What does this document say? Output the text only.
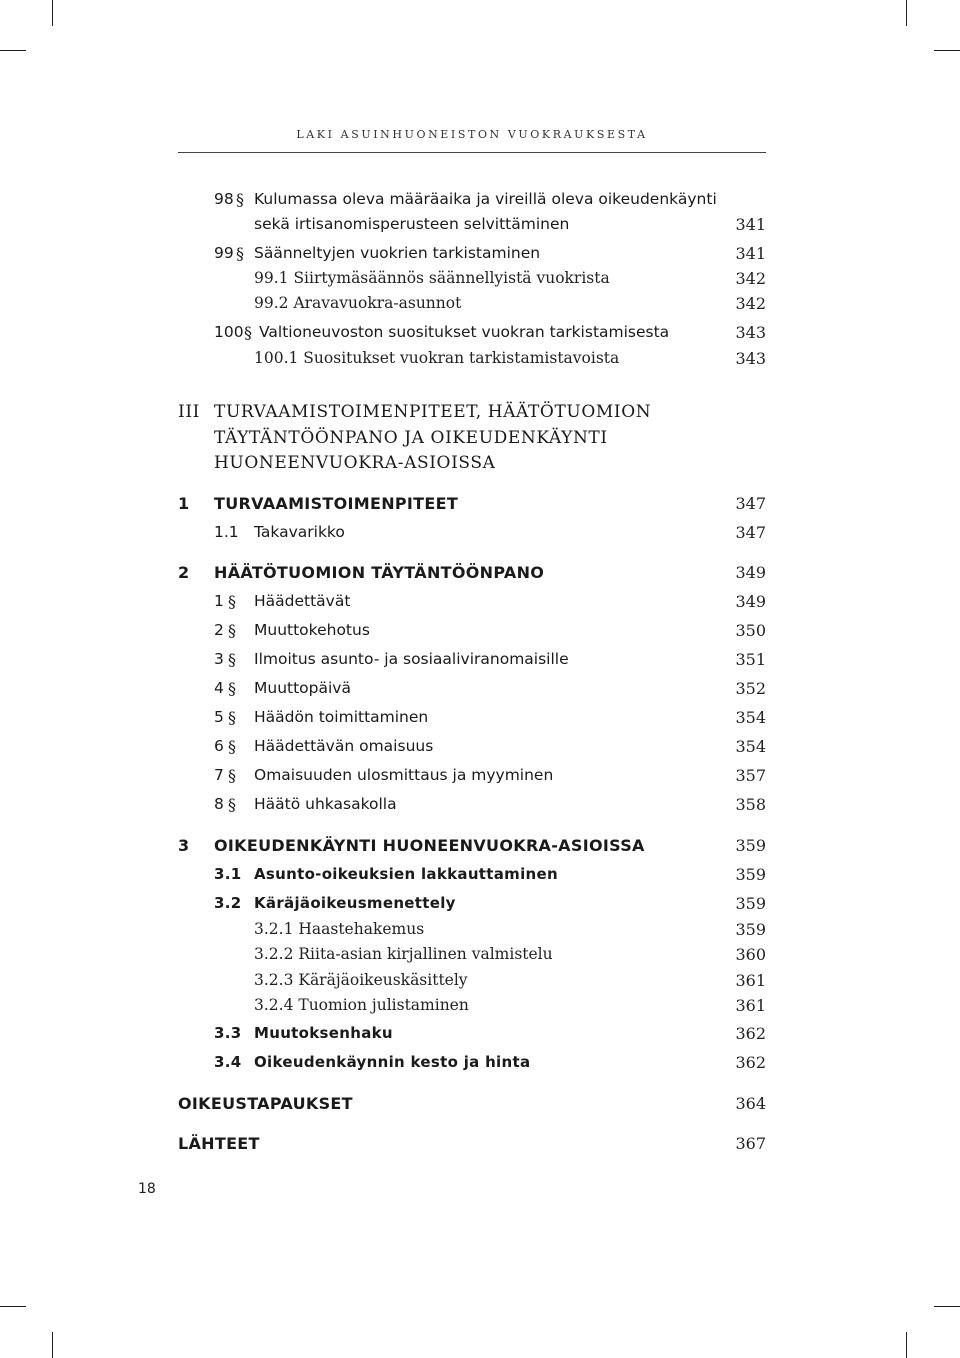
LAKI ASUINHUONEISTON VUOKRAUKSESTA
98 § Kulumassa oleva määräaika ja vireillä oleva oikeudenkäynti
sekä irtisanomisperusteen selvittäminen	341
99 § Säänneltyjen vuokrien tarkistaminen	341
99.1 Siirtymäsäännös säännellyistä vuokrista	342
99.2 Aravavuokra-asunnot	342
100 § Valtioneuvoston suositukset vuokran tarkistamisesta	343
100.1 Suositukset vuokran tarkistamistavoista	343
III TURVAAMISTOIMENPITEET, HÄÄTÖTUOMION
TÄYTÄNTÖÖNPANO JA OIKEUDENKÄYNTI
HUONEENVUOKRA-ASIOISSA
1 TURVAAMISTOIMENPITEET	347
1.1 Takavarikko	347
2 HÄÄTÖTUOMION TÄYTÄNTÖÖNPANO	349
1 § Häädettävät	349
2 § Muuttokehotus	350
3 § Ilmoitus asunto- ja sosiaaliviranomaisille	351
4 § Muuttopäivä	352
5 § Häädön toimittaminen	354
6 § Häädettävän omaisuus	354
7 § Omaisuuden ulosmittaus ja myyminen	357
8 § Häätö uhkasakolla	358
3 OIKEUDENKÄYNTI HUONEENVUOKRA-ASIOISSA	359
3.1 Asunto-oikeuksien lakkauttaminen	359
3.2 Käräjäoikeusmenettely	359
3.2.1 Haastehakemus	359
3.2.2 Riita-asian kirjallinen valmistelu	360
3.2.3 Käräjäoikeuskäsittely	361
3.2.4 Tuomion julistaminen	361
3.3 Muutoksenhaku	362
3.4 Oikeudenkäynnin kesto ja hinta	362
OIKEUSTAPAUKSET	364
LÄHTEET	367
18
